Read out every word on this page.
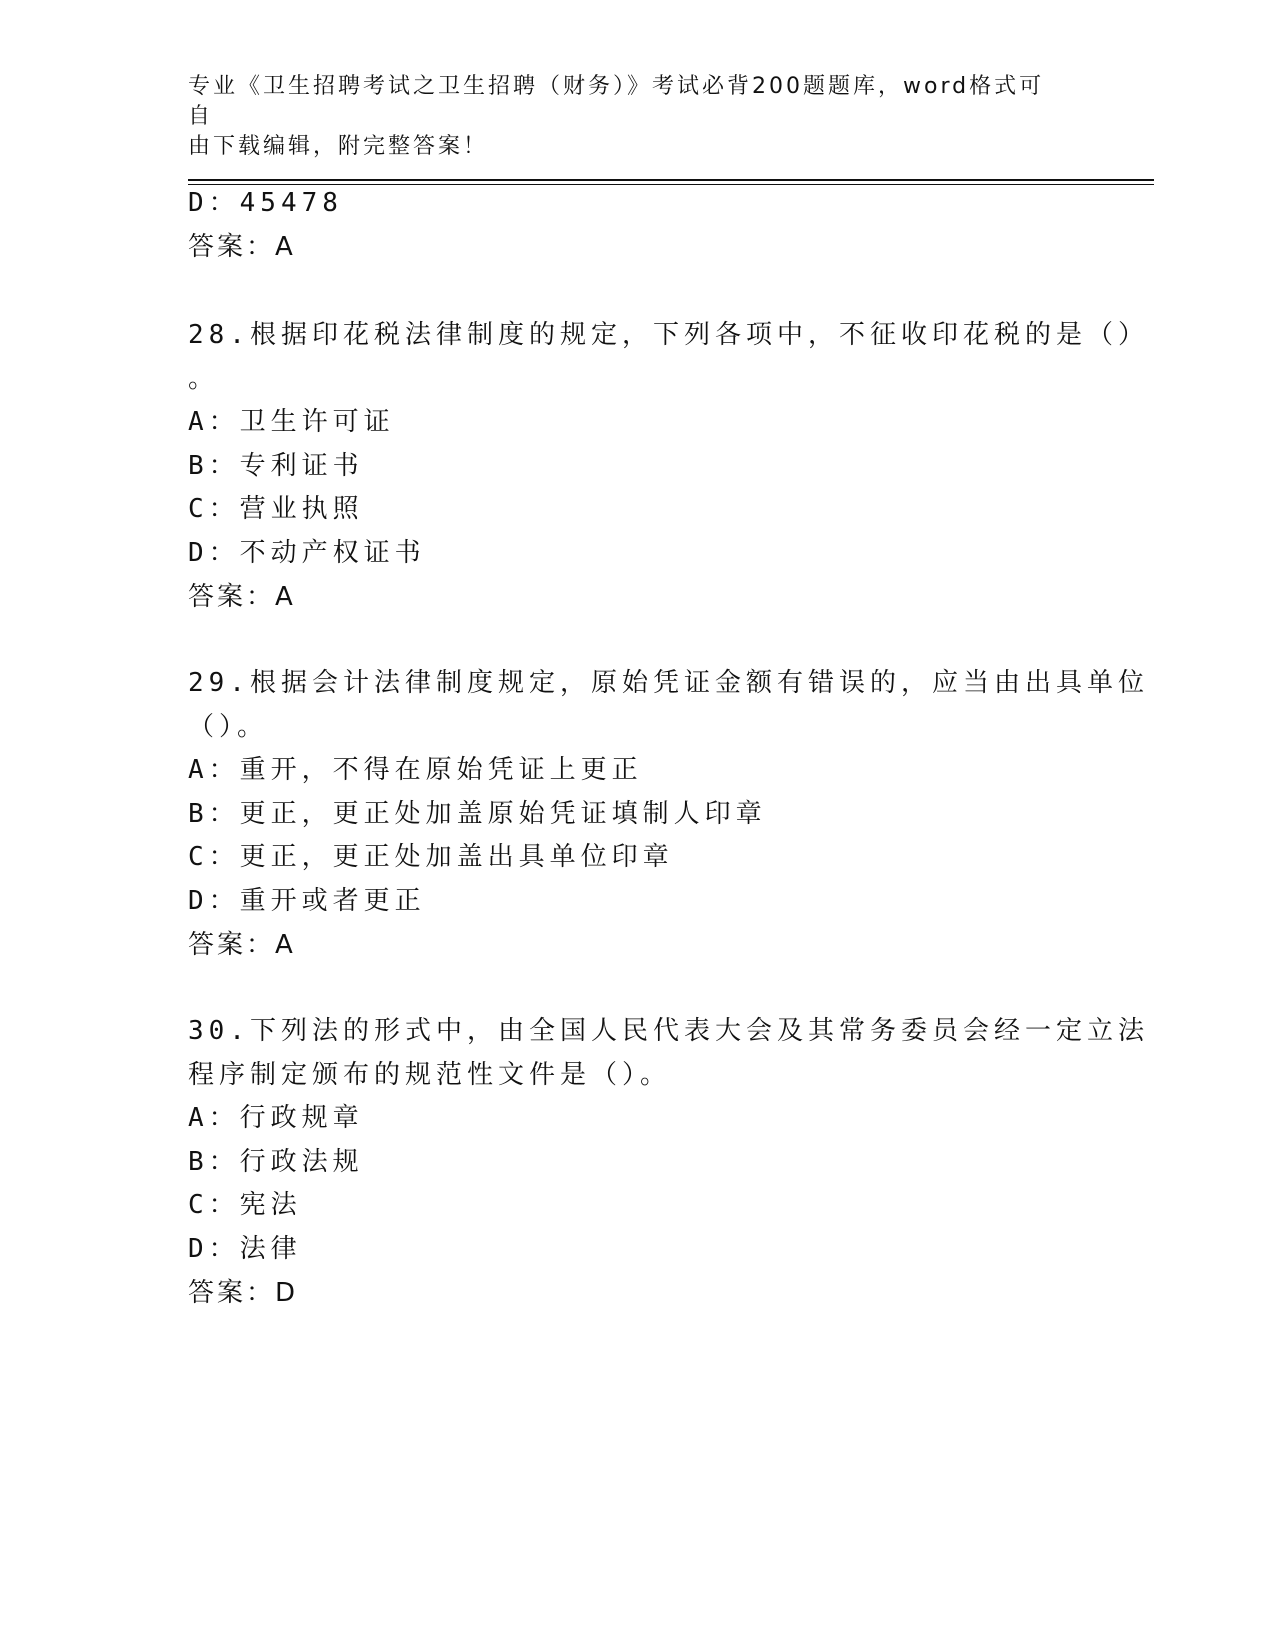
专业《卫生招聘考试之卫生招聘（财务）》考试必背200题题库，word格式可自
由下载编辑，附完整答案！
D：45478
答案：A
28.根据印花税法律制度的规定，下列各项中，不征收印花税的是（）
。
A：卫生许可证
B：专利证书
C：营业执照
D：不动产权证书
答案：A
29.根据会计法律制度规定，原始凭证金额有错误的，应当由出具单位
（）。
A：重开，不得在原始凭证上更正
B：更正，更正处加盖原始凭证填制人印章
C：更正，更正处加盖出具单位印章
D：重开或者更正
答案：A
30.下列法的形式中，由全国人民代表大会及其常务委员会经一定立法
程序制定颁布的规范性文件是（）。
A：行政规章
B：行政法规
C：宪法
D：法律
答案：D
